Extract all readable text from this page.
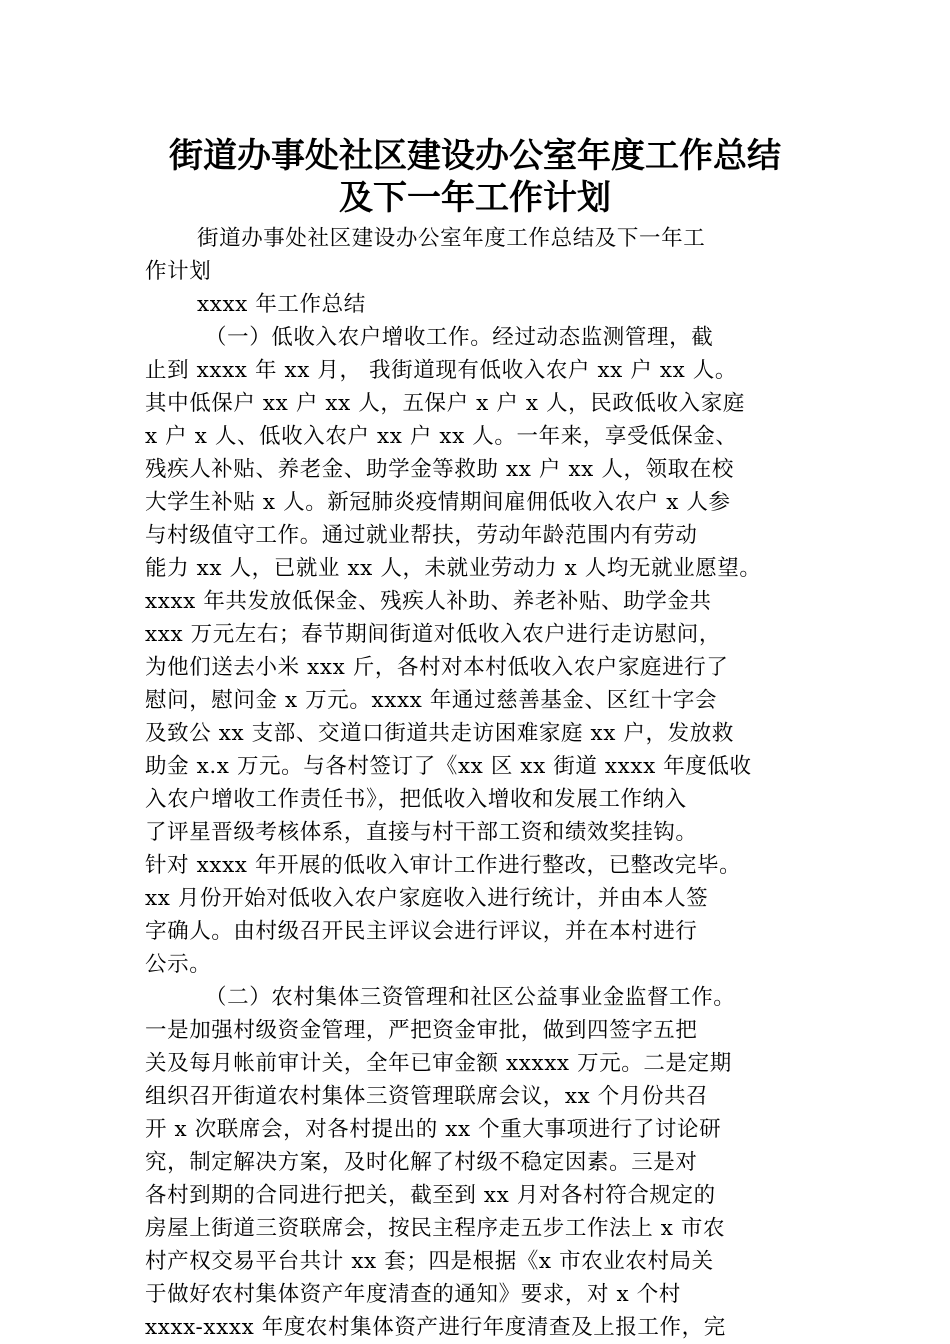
街道办事处社区建设办公室年度工作总结
及下一年工作计划
街道办事处社区建设办公室年度工作总结及下一年工
作计划
xxxx 年工作总结
（一）低收入农户增收工作。经过动态监测管理，截
止到 xxxx 年 xx 月， 我街道现有低收入农户 xx 户 xx 人。
其中低保户 xx 户 xx 人，五保户 x 户 x 人，民政低收入家庭
x 户 x 人、低收入农户 xx 户 xx 人。一年来，享受低保金、
残疾人补贴、养老金、助学金等救助 xx 户 xx 人，领取在校
大学生补贴 x 人。新冠肺炎疫情期间雇佣低收入农户 x 人参
与村级值守工作。通过就业帮扶，劳动年龄范围内有劳动
能力 xx 人，已就业 xx 人，未就业劳动力 x 人均无就业愿望。
xxxx 年共发放低保金、残疾人补助、养老补贴、助学金共
xxx 万元左右；春节期间街道对低收入农户进行走访慰问，
为他们送去小米 xxx 斤，各村对本村低收入农户家庭进行了
慰问，慰问金 x 万元。xxxx 年通过慈善基金、区红十字会
及致公 xx 支部、交道口街道共走访困难家庭 xx 户，发放救
助金 x.x 万元。与各村签订了《xx 区 xx 街道 xxxx 年度低收
入农户增收工作责任书》，把低收入增收和发展工作纳入
了评星晋级考核体系，直接与村干部工资和绩效奖挂钩。
针对 xxxx 年开展的低收入审计工作进行整改，已整改完毕。
xx 月份开始对低收入农户家庭收入进行统计，并由本人签
字确人。由村级召开民主评议会进行评议，并在本村进行
公示。
（二）农村集体三资管理和社区公益事业金监督工作。
一是加强村级资金管理，严把资金审批，做到四签字五把
关及每月帐前审计关，全年已审金额 xxxxx 万元。二是定期
组织召开街道农村集体三资管理联席会议，xx 个月份共召
开 x 次联席会，对各村提出的 xx 个重大事项进行了讨论研
究，制定解决方案，及时化解了村级不稳定因素。三是对
各村到期的合同进行把关，截至到 xx 月对各村符合规定的
房屋上街道三资联席会，按民主程序走五步工作法上 x 市农
村产权交易平台共计 xx 套；四是根据《x 市农业农村局关
于做好农村集体资产年度清查的通知》要求，对 x 个村
xxxx-xxxx 年度农村集体资产进行年度清查及上报工作，完
